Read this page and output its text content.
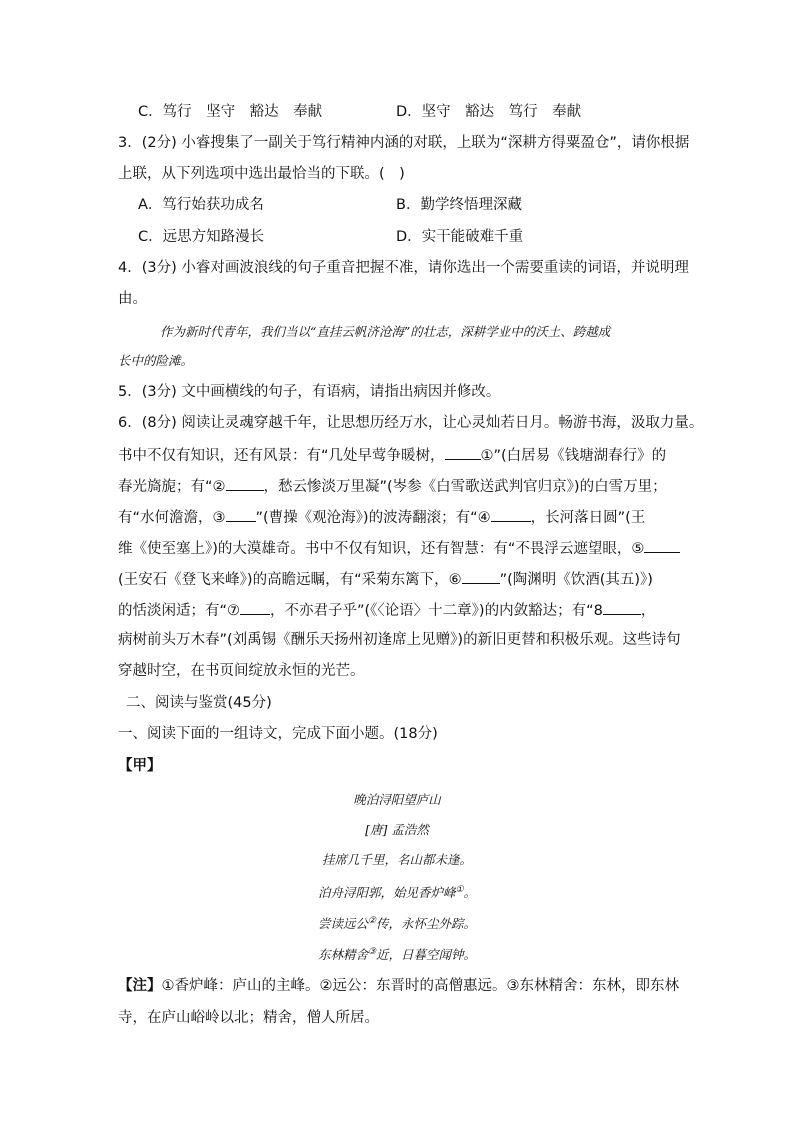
C．笃行　坚守　豁达　奉献	D．坚守　豁达　笃行　奉献
3．(2分) 小睿搜集了一副关于笃行精神内涵的对联，上联为“深耕方得粟盈仓”，请你根据
上联，从下列选项中选出最恰当的下联。(　)
A．笃行始获功成名	B．勤学终悟理深藏
C．远思方知路漫长	D．实干能破难千重
4．(3分) 小睿对画波浪线的句子重音把握不准，请你选出一个需要重读的词语，并说明理
由。
作为新时代青年，我们当以“直挂云帆济沧海”的壮志，深耕学业中的沃土、跨越成
长中的险滩。
5．(3分) 文中画横线的句子，有语病，请指出病因并修改。
6．(8分) 阅读让灵魂穿越千年，让思想历经万水，让心灵灿若日月。畅游书海，汲取力量。
书中不仅有知识，还有风景：有“几处早莺争暖树， ①”(白居易《钱塘湖春行》的
春光旖旎；有“②	，愁云惨淡万里凝”(岑参《白雪歌送武判官归京》)的白雪万里；
有“水何澹澹，③ ”(曹操《观沧海》)的波涛翻滚；有“④	，长河落日圆”(王
维《使至塞上》)的大漠雄奇。书中不仅有知识，还有智慧：有“不畏浮云遮望眼，⑤
(王安石《登飞来峰》)的高瞻远瞩，有“采菊东篱下，⑥	”(陶渊明《饮酒(其五)》)
的恬淡闲适；有“⑦ ，不亦君子乎”(《〈论语〉十二章》)的内敛豁达；有“8	，
病树前头万木春”(刘禹锡《酬乐天扬州初逢席上见赠》)的新旧更替和积极乐观。这些诗句
穿越时空，在书页间绽放永恒的光芒。
二、阅读与鉴赏(45分)
一、阅读下面的一组诗文，完成下面小题。(18分)
【甲】
晚泊浔阳望庐山
[唐] 孟浩然
挂席几千里，名山都未逢。
泊舟浔阳郭，始见香炉峰①。
尝读远公②传，永怀尘外踪。
东林精舍③近，日暮空闻钟。
【注】①香炉峰：庐山的主峰。②远公：东晋时的高僧惠远。③东林精舍：东林，即东林
寺，在庐山峪岭以北；精舍，僧人所居。
